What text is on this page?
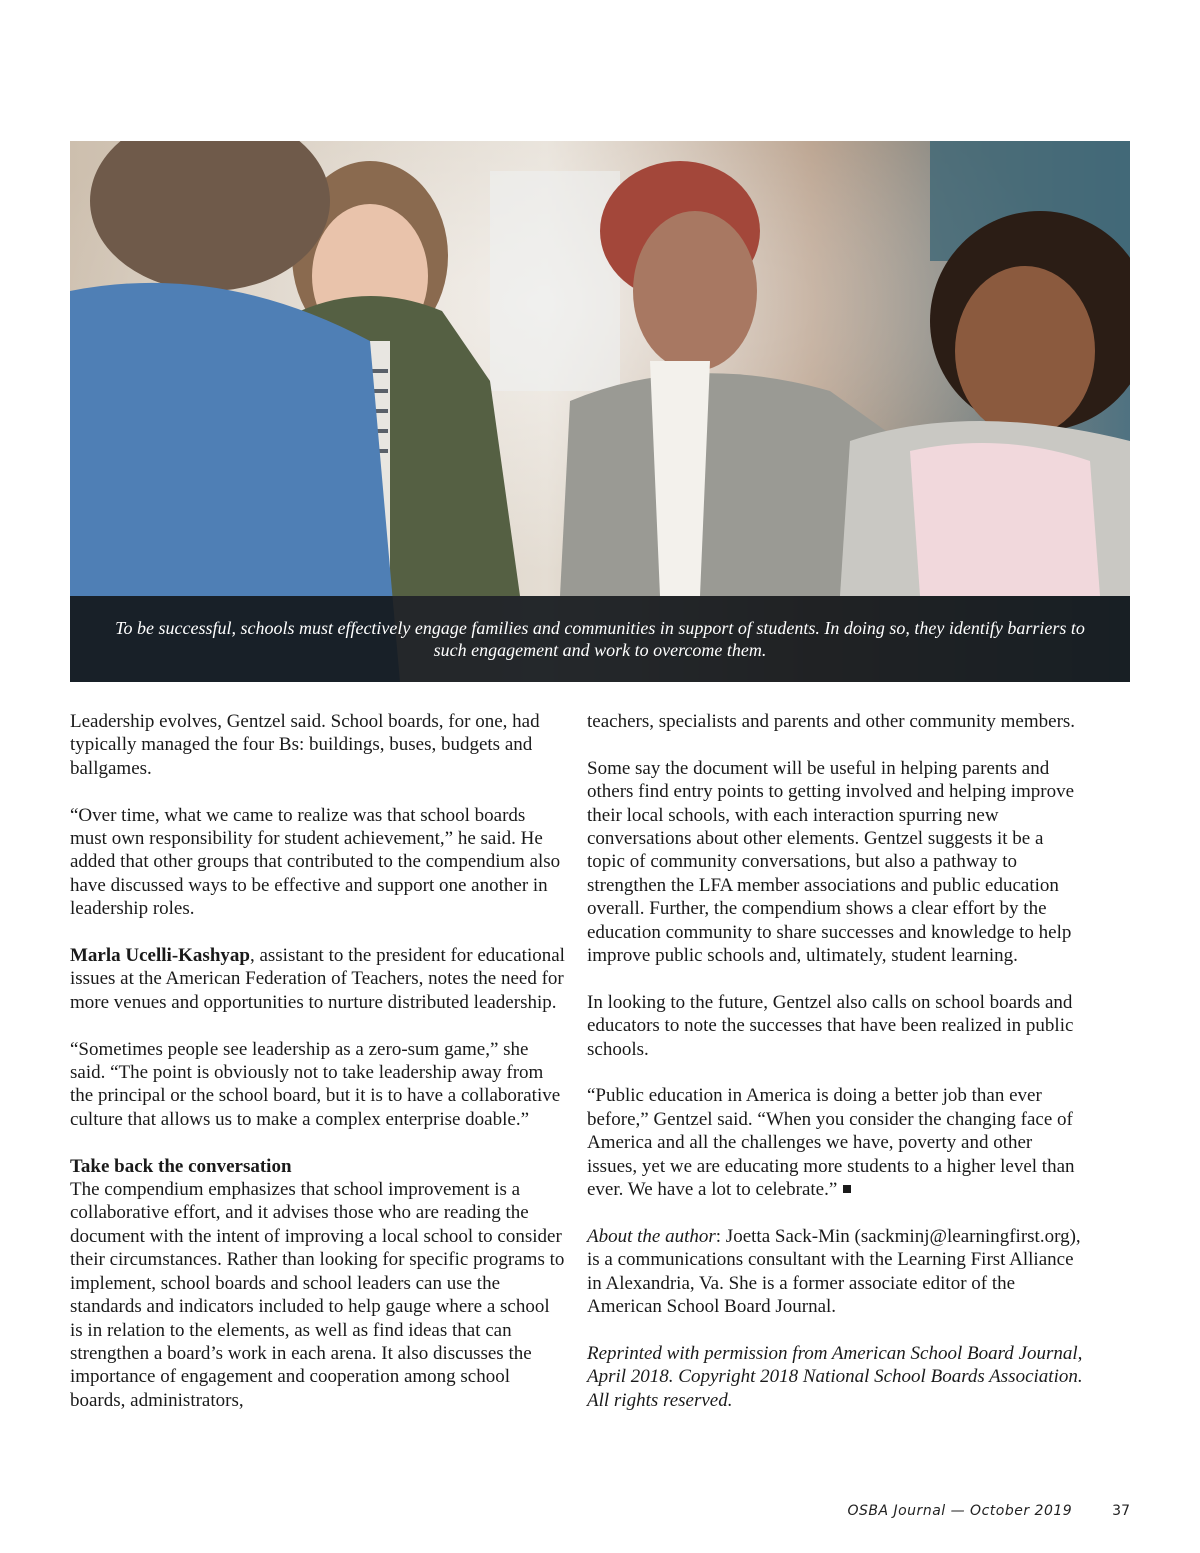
To be successful, schools must effectively engage families and communities in support of students. In doing so, they identify barriers to such engagement and work to overcome them.

Leadership evolves, Gentzel said. School boards, for one, had typically managed the four Bs: buildings, buses, budgets and ballgames.

“Over time, what we came to realize was that school boards must own responsibility for student achievement,” he said. He added that other groups that contributed to the compendium also have discussed ways to be effective and support one another in leadership roles.

Marla Ucelli-Kashyap, assistant to the president for educational issues at the American Federation of Teachers, notes the need for more venues and opportunities to nurture distributed leadership.

“Sometimes people see leadership as a zero-sum game,” she said. “The point is obviously not to take leadership away from the principal or the school board, but it is to have a collaborative culture that allows us to make a complex enterprise doable.”

Take back the conversation
The compendium emphasizes that school improvement is a collaborative effort, and it advises those who are reading the document with the intent of improving a local school to consider their circumstances. Rather than looking for specific programs to implement, school boards and school leaders can use the standards and indicators included to help gauge where a school is in relation to the elements, as well as find ideas that can strengthen a board’s work in each arena. It also discusses the importance of engagement and cooperation among school boards, administrators,

teachers, specialists and parents and other community members.

Some say the document will be useful in helping parents and others find entry points to getting involved and helping improve their local schools, with each interaction spurring new conversations about other elements. Gentzel suggests it be a topic of community conversations, but also a pathway to strengthen the LFA member associations and public education overall. Further, the compendium shows a clear effort by the education community to share successes and knowledge to help improve public schools and, ultimately, student learning.

In looking to the future, Gentzel also calls on school boards and educators to note the successes that have been realized in public schools.

“Public education in America is doing a better job than ever before,” Gentzel said. “When you consider the changing face of America and all the challenges we have, poverty and other issues, yet we are educating more students to a higher level than ever. We have a lot to celebrate.”

About the author: Joetta Sack-Min (sackminj@learningfirst.org), is a communications consultant with the Learning First Alliance in Alexandria, Va. She is a former associate editor of the American School Board Journal.

Reprinted with permission from American School Board Journal, April 2018. Copyright 2018 National School Boards Association. All rights reserved.

OSBA Journal — October 2019	37
